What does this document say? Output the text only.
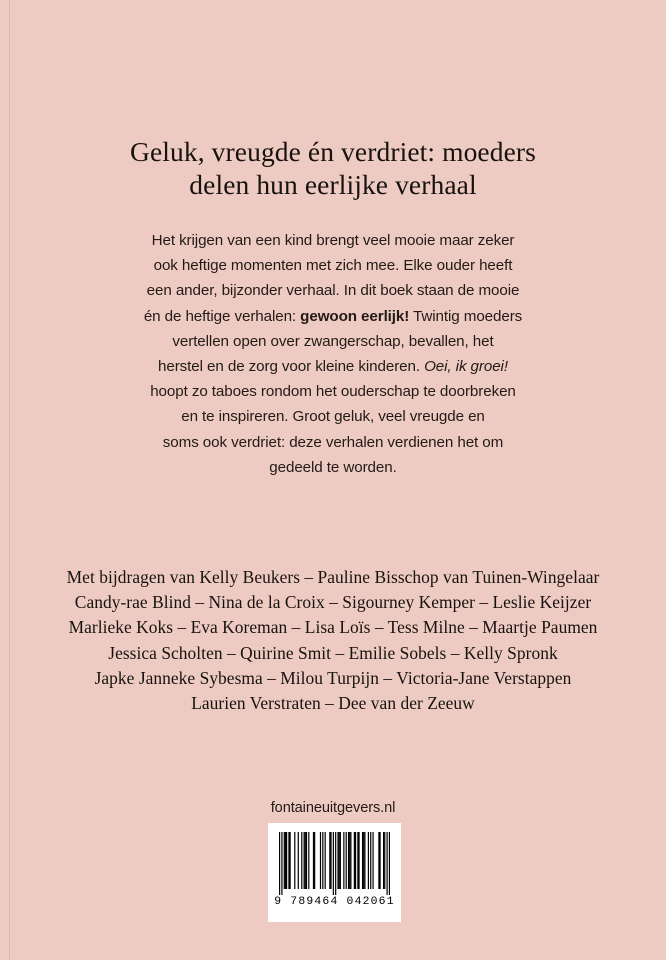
Geluk, vreugde én verdriet: moeders
delen hun eerlijke verhaal
Het krijgen van een kind brengt veel mooie maar zeker
ook heftige momenten met zich mee. Elke ouder heeft
een ander, bijzonder verhaal. In dit boek staan de mooie
én de heftige verhalen: gewoon eerlijk! Twintig moeders
vertellen open over zwangerschap, bevallen, het
herstel en de zorg voor kleine kinderen. Oei, ik groei!
hoopt zo taboes rondom het ouderschap te doorbreken
en te inspireren. Groot geluk, veel vreugde en
soms ook verdriet: deze verhalen verdienen het om
gedeeld te worden.
Met bijdragen van Kelly Beukers – Pauline Bisschop van Tuinen-Wingelaar
Candy-rae Blind – Nina de la Croix – Sigourney Kemper – Leslie Keijzer
Marlieke Koks – Eva Koreman – Lisa Loïs – Tess Milne – Maartje Paumen
Jessica Scholten – Quirine Smit – Emilie Sobels – Kelly Spronk
Japke Janneke Sybesma – Milou Turpijn – Victoria-Jane Verstappen
Laurien Verstraten – Dee van der Zeeuw
fontaineuitgevers.nl
9 789464 042061
